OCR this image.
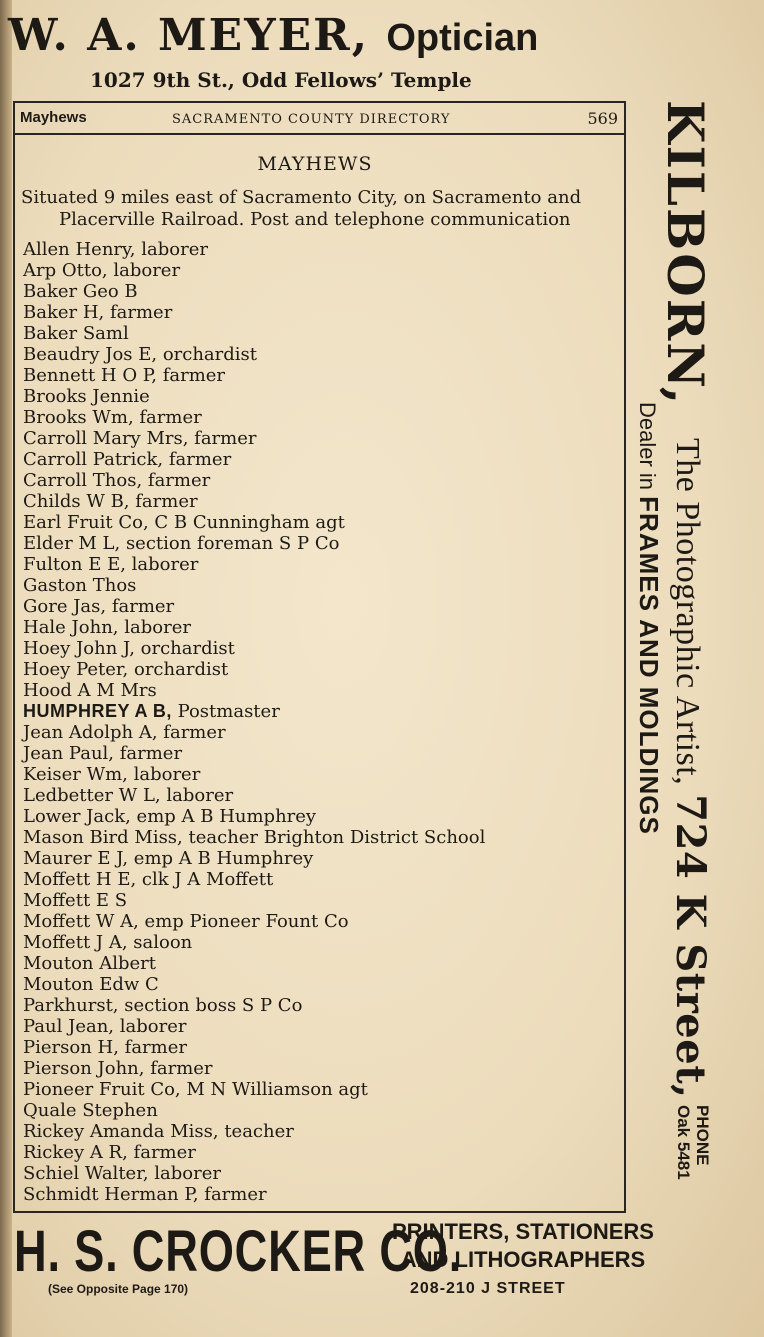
W. A. MEYER, Optician
1027 9th St., Odd Fellows’ Temple
Mayhews	SACRAMENTO COUNTY DIRECTORY	569
MAYHEWS
Situated 9 miles east of Sacramento City, on Sacramento and
Placerville Railroad. Post and telephone communication
Allen Henry, laborer
Arp Otto, laborer
Baker Geo B
Baker H, farmer
Baker Saml
Beaudry Jos E, orchardist
Bennett H O P, farmer
Brooks Jennie
Brooks Wm, farmer
Carroll Mary Mrs, farmer
Carroll Patrick, farmer
Carroll Thos, farmer
Childs W B, farmer
Earl Fruit Co, C B Cunningham agt
Elder M L, section foreman S P Co
Fulton E E, laborer
Gaston Thos
Gore Jas, farmer
Hale John, laborer
Hoey John J, orchardist
Hoey Peter, orchardist
Hood A M Mrs
HUMPHREY A B, Postmaster
Jean Adolph A, farmer
Jean Paul, farmer
Keiser Wm, laborer
Ledbetter W L, laborer
Lower Jack, emp A B Humphrey
Mason Bird Miss, teacher Brighton District School
Maurer E J, emp A B Humphrey
Moffett H E, clk J A Moffett
Moffett E S
Moffett W A, emp Pioneer Fount Co
Moffett J A, saloon
Mouton Albert
Mouton Edw C
Parkhurst, section boss S P Co
Paul Jean, laborer
Pierson H, farmer
Pierson John, farmer
Pioneer Fruit Co, M N Williamson agt
Quale Stephen
Rickey Amanda Miss, teacher
Rickey A R, farmer
Schiel Walter, laborer
Schmidt Herman P, farmer
KILBORN,
The Photographic Artist, 724 K Street,
Dealer in FRAMES AND MOLDINGS
PHONE
Oak 5481
H. S. CROCKER CO.
PRINTERS, STATIONERS
AND LITHOGRAPHERS
(See Opposite Page 170)	208-210 J STREET
